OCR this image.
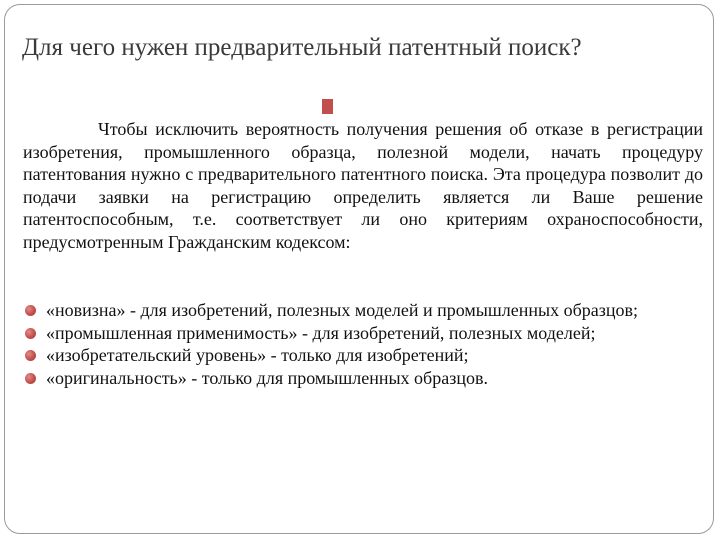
Для чего нужен предварительный патентный поиск?

Чтобы исключить вероятность получения решения об отказе в регистрации изобретения, промышленного образца, полезной модели, начать процедуру патентования нужно с предварительного патентного поиска. Эта процедура позволит до подачи заявки на регистрацию определить является ли Ваше решение патентоспособным, т.е. соответствует ли оно критериям охраноспособности, предусмотренным Гражданским кодексом:

«новизна» - для изобретений, полезных моделей и промышленных образцов;
«промышленная применимость» - для изобретений, полезных моделей;
«изобретательский уровень» - только для изобретений;
«оригинальность» - только для промышленных образцов.
